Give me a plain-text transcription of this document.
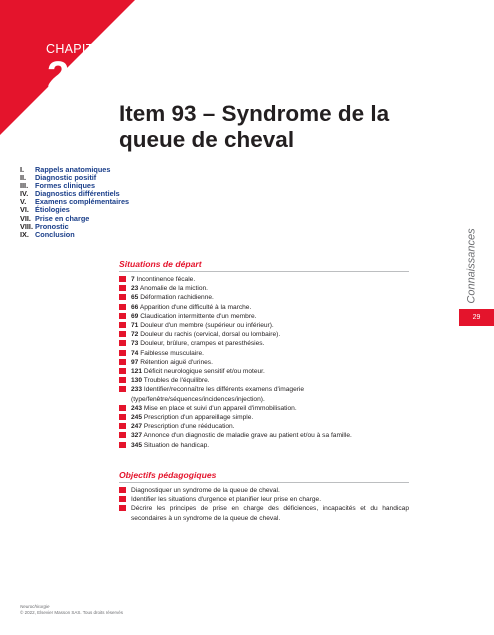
CHAPITRE
2
Item 93 – Syndrome de la queue de cheval
I.	Rappels anatomiques
II.	Diagnostic positif
III. Formes cliniques
IV. Diagnostics différentiels
V.	Examens complémentaires
VI. Étiologies
VII. Prise en charge
VIII. Pronostic
IX. Conclusion
Situations de départ
7 Incontinence fécale.
23 Anomalie de la miction.
65 Déformation rachidienne.
66 Apparition d'une difficulté à la marche.
69 Claudication intermittente d'un membre.
71 Douleur d'un membre (supérieur ou inférieur).
72 Douleur du rachis (cervical, dorsal ou lombaire).
73 Douleur, brûlure, crampes et paresthésies.
74 Faiblesse musculaire.
97 Rétention aiguë d'urines.
121 Déficit neurologique sensitif et/ou moteur.
130 Troubles de l'équilibre.
233 Identifier/reconnaître les différents examens d'imagerie (type/fenêtre/séquences/incidences/injection).
243 Mise en place et suivi d'un appareil d'immobilisation.
245 Prescription d'un appareillage simple.
247 Prescription d'une rééducation.
327 Annonce d'un diagnostic de maladie grave au patient et/ou à sa famille.
345 Situation de handicap.
Objectifs pédagogiques
Diagnostiquer un syndrome de la queue de cheval.
Identifier les situations d'urgence et planifier leur prise en charge.
Décrire les principes de prise en charge des déficiences, incapacités et du handicap secondaires à un syndrome de la queue de cheval.
Connaissances
29
Neurochirurgie
© 2022, Elsevier Masson SAS. Tous droits réservés
